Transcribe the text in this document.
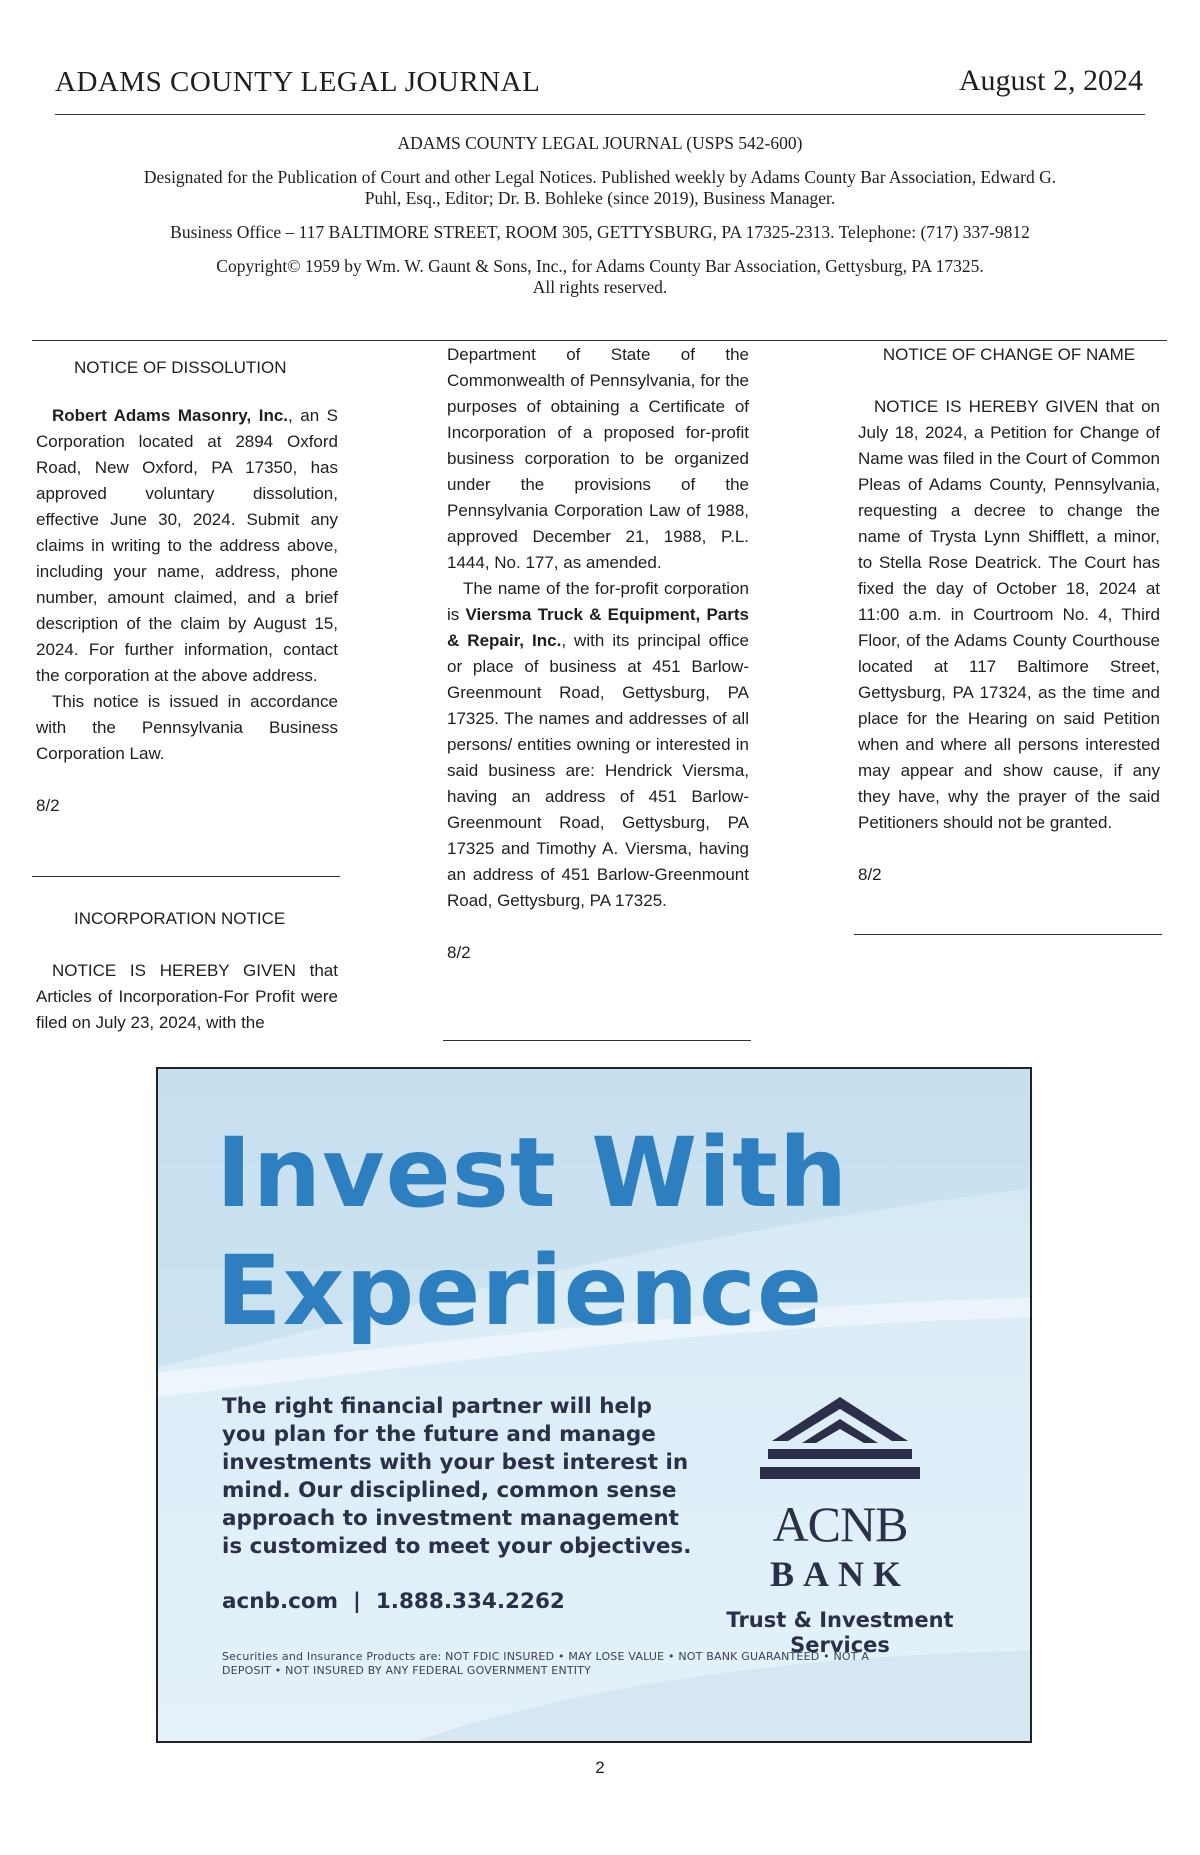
ADAMS COUNTY LEGAL JOURNAL	August 2, 2024
ADAMS COUNTY LEGAL JOURNAL (USPS 542-600)
Designated for the Publication of Court and other Legal Notices. Published weekly by Adams County Bar Association, Edward G.
Puhl, Esq., Editor; Dr. B. Bohleke (since 2019), Business Manager.
Business Office – 117 BALTIMORE STREET, ROOM 305, GETTYSBURG, PA 17325-2313. Telephone: (717) 337-9812
Copyright© 1959 by Wm. W. Gaunt & Sons, Inc., for Adams County Bar Association, Gettysburg, PA 17325.
All rights reserved.

NOTICE OF DISSOLUTION

Robert Adams Masonry, Inc., an S Corporation located at 2894 Oxford Road, New Oxford, PA 17350, has approved voluntary dissolution, effective June 30, 2024. Submit any claims in writing to the address above, including your name, address, phone number, amount claimed, and a brief description of the claim by August 15, 2024. For further information, contact the corporation at the above address.

This notice is issued in accordance with the Pennsylvania Business Corporation Law.

8/2

INCORPORATION NOTICE

NOTICE IS HEREBY GIVEN that Articles of Incorporation-For Profit were filed on July 23, 2024, with the

Department of State of the Commonwealth of Pennsylvania, for the purposes of obtaining a Certificate of Incorporation of a proposed for-profit business corporation to be organized under the provisions of the Pennsylvania Corporation Law of 1988, approved December 21, 1988, P.L. 1444, No. 177, as amended.

The name of the for-profit corporation is Viersma Truck & Equipment, Parts & Repair, Inc., with its principal office or place of business at 451 Barlow-Greenmount Road, Gettysburg, PA 17325. The names and addresses of all persons/ entities owning or interested in said business are: Hendrick Viersma, having an address of 451 Barlow-Greenmount Road, Gettysburg, PA 17325 and Timothy A. Viersma, having an address of 451 Barlow-Greenmount Road, Gettysburg, PA 17325.

8/2

NOTICE OF CHANGE OF NAME

NOTICE IS HEREBY GIVEN that on July 18, 2024, a Petition for Change of Name was filed in the Court of Common Pleas of Adams County, Pennsylvania, requesting a decree to change the name of Trysta Lynn Shifflett, a minor, to Stella Rose Deatrick. The Court has fixed the day of October 18, 2024 at 11:00 a.m. in Courtroom No. 4, Third Floor, of the Adams County Courthouse located at 117 Baltimore Street, Gettysburg, PA 17324, as the time and place for the Hearing on said Petition when and where all persons interested may appear and show cause, if any they have, why the prayer of the said Petitioners should not be granted.

8/2

Invest With
Experience
The right financial partner will help
you plan for the future and manage
investments with your best interest in
mind. Our disciplined, common sense
approach to investment management
is customized to meet your objectives.
acnb.com  |  1.888.334.2262
Securities and Insurance Products are: NOT FDIC INSURED • MAY LOSE VALUE • NOT BANK GUARANTEED • NOT A
DEPOSIT • NOT INSURED BY ANY FEDERAL GOVERNMENT ENTITY
ACNB
BANK
Trust & Investment
Services
2
